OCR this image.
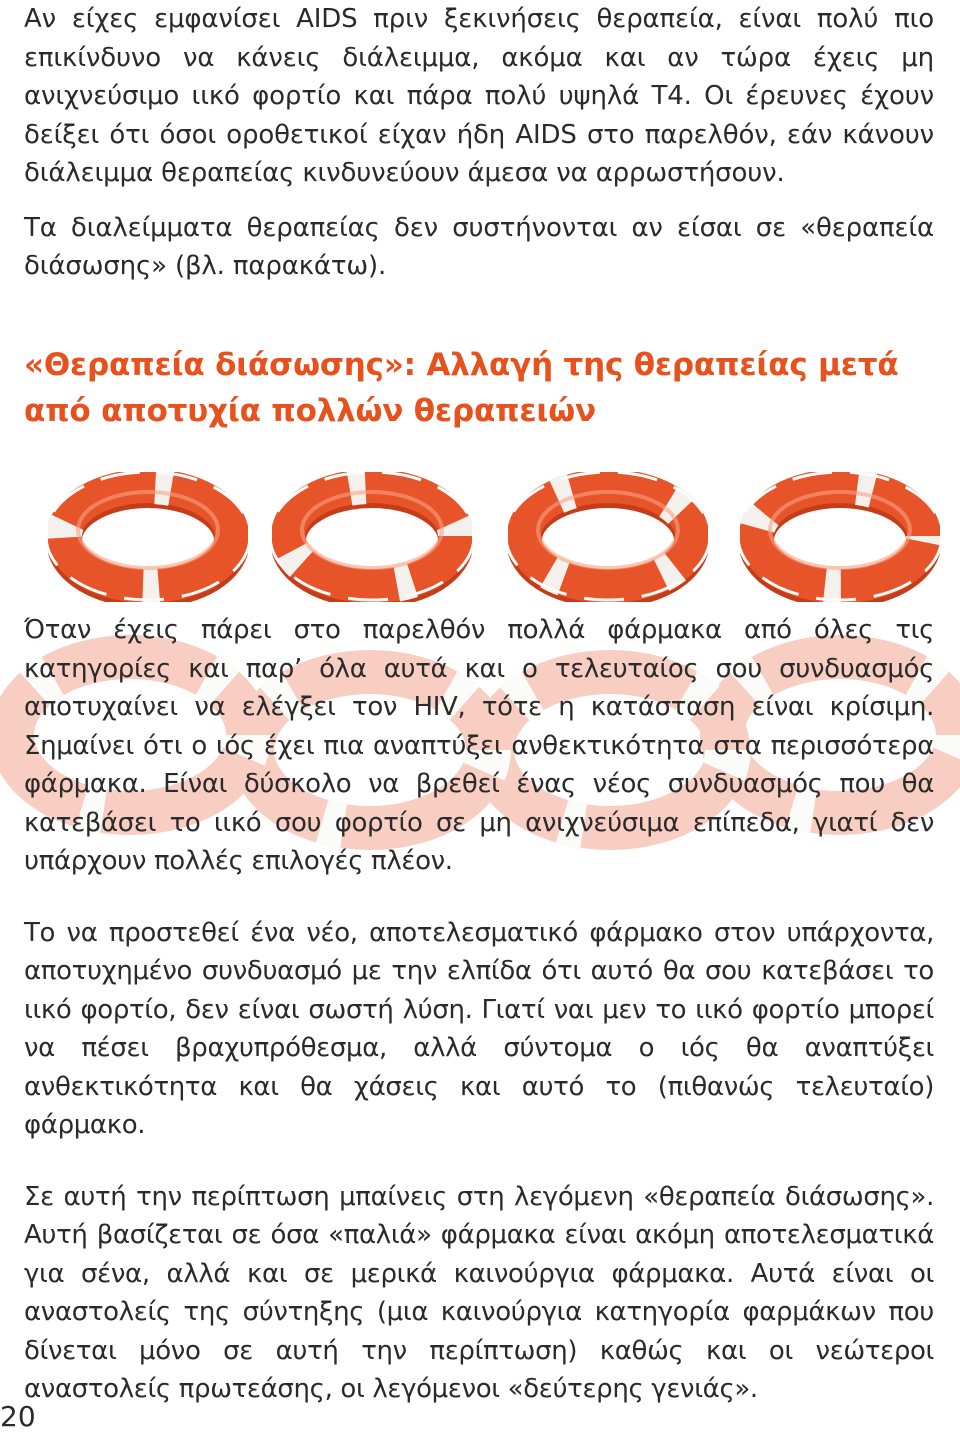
Αν είχες εμφανίσει AIDS πριν ξεκινήσεις θεραπεία, είναι πολύ πιο επικίνδυνο να κάνεις διάλειμμα, ακόμα και αν τώρα έχεις μη ανιχνεύσιμο ιικό φορτίο και πάρα πολύ υψηλά Τ4. Οι έρευνες έχουν δείξει ότι όσοι οροθετικοί είχαν ήδη AIDS στο παρελθόν, εάν κάνουν διάλειμμα θεραπείας κινδυνεύουν άμεσα να αρρωστήσουν.

Τα διαλείμματα θεραπείας δεν συστήνονται αν είσαι σε «θεραπεία διάσωσης» (βλ. παρακάτω).

«Θεραπεία διάσωσης»: Αλλαγή της θεραπείας μετά από αποτυχία πολλών θεραπειών

Όταν έχεις πάρει στο παρελθόν πολλά φάρμακα από όλες τις κατηγορίες και παρ’ όλα αυτά και ο τελευταίος σου συνδυασμός αποτυχαίνει να ελέγξει τον HIV, τότε η κατάσταση είναι κρίσιμη. Σημαίνει ότι ο ιός έχει πια αναπτύξει ανθεκτικότητα στα περισσότερα φάρμακα. Είναι δύσκολο να βρεθεί ένας νέος συνδυασμός που θα κατεβάσει το ιικό σου φορτίο σε μη ανιχνεύσιμα επίπεδα, γιατί δεν υπάρχουν πολλές επιλογές πλέον.

Το να προστεθεί ένα νέο, αποτελεσματικό φάρμακο στον υπάρχοντα, αποτυχημένο συνδυασμό με την ελπίδα ότι αυτό θα σου κατεβάσει το ιικό φορτίο, δεν είναι σωστή λύση. Γιατί ναι μεν το ιικό φορτίο μπορεί να πέσει βραχυπρόθεσμα, αλλά σύντομα ο ιός θα αναπτύξει ανθεκτικότητα και θα χάσεις και αυτό το (πιθανώς τελευταίο) φάρμακο.

Σε αυτή την περίπτωση μπαίνεις στη λεγόμενη «θεραπεία διάσωσης». Αυτή βασίζεται σε όσα «παλιά» φάρμακα είναι ακόμη αποτελεσματικά για σένα, αλλά και σε μερικά καινούργια φάρμακα. Αυτά είναι οι αναστολείς της σύντηξης (μια καινούργια κατηγορία φαρμάκων που δίνεται μόνο σε αυτή την περίπτωση) καθώς και οι νεώτεροι αναστολείς πρωτεάσης, οι λεγόμενοι «δεύτερης γενιάς».

20
